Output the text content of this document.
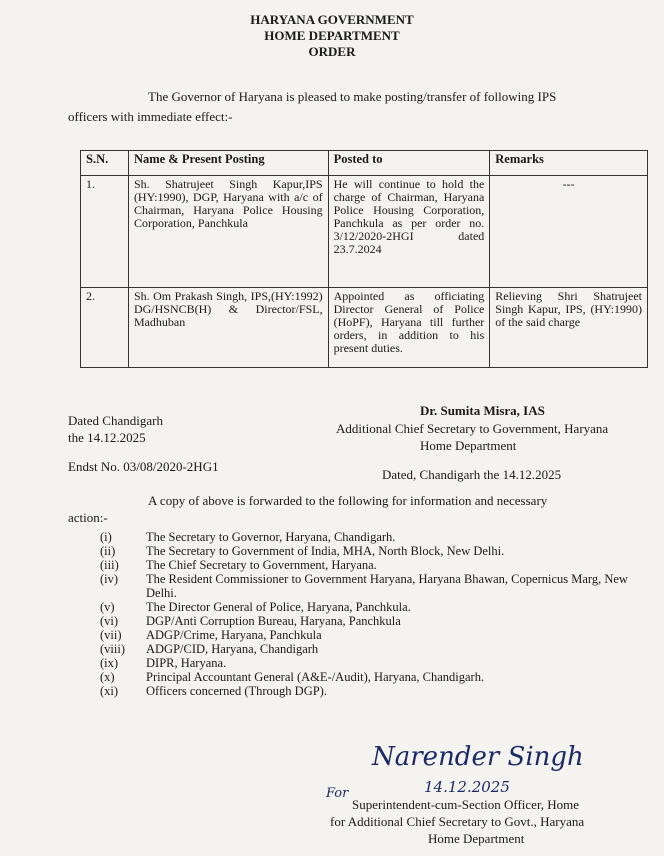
HARYANA GOVERNMENT
HOME DEPARTMENT
ORDER
The Governor of Haryana is pleased to make posting/transfer of following IPS
officers with immediate effect:-
S.N.	Name & Present Posting	Posted to	Remarks
1.	Sh. Shatrujeet Singh Kapur,IPS (HY:1990), DGP, Haryana with a/c of Chairman, Haryana Police Housing Corporation, Panchkula	He will continue to hold the charge of Chairman, Haryana Police Housing Corporation, Panchkula as per order no. 3/12/2020-2HGI dated 23.7.2024	---
2.	Sh. Om Prakash Singh, IPS,(HY:1992) DG/HSNCB(H) & Director/FSL, Madhuban	Appointed as officiating Director General of Police (HoPF), Haryana till further orders, in addition to his present duties.	Relieving Shri Shatrujeet Singh Kapur, IPS, (HY:1990) of the said charge
Dated Chandigarh
the 14.12.2025
Dr. Sumita Misra, IAS
Additional Chief Secretary to Government, Haryana
Home Department
Endst No. 03/08/2020-2HG1
Dated, Chandigarh the 14.12.2025
A copy of above is forwarded to the following for information and necessary
action:-
(i)	The Secretary to Governor, Haryana, Chandigarh.
(ii) The Secretary to Government of India, MHA, North Block, New Delhi.
(iii) The Chief Secretary to Government, Haryana.
(iv) The Resident Commissioner to Government Haryana, Haryana Bhawan, Copernicus Marg, New Delhi.
(v)	The Director General of Police, Haryana, Panchkula.
(vi) DGP/Anti Corruption Bureau, Haryana, Panchkula
(vii) ADGP/Crime, Haryana, Panchkula
(viii) ADGP/CID, Haryana, Chandigarh
(ix) DIPR, Haryana.
(x)	Principal Accountant General (A&E-/Audit), Haryana, Chandigarh.
(xi) Officers concerned (Through DGP).
Narender Singh
14.12.2025
For
Superintendent-cum-Section Officer, Home
for Additional Chief Secretary to Govt., Haryana
Home Department
